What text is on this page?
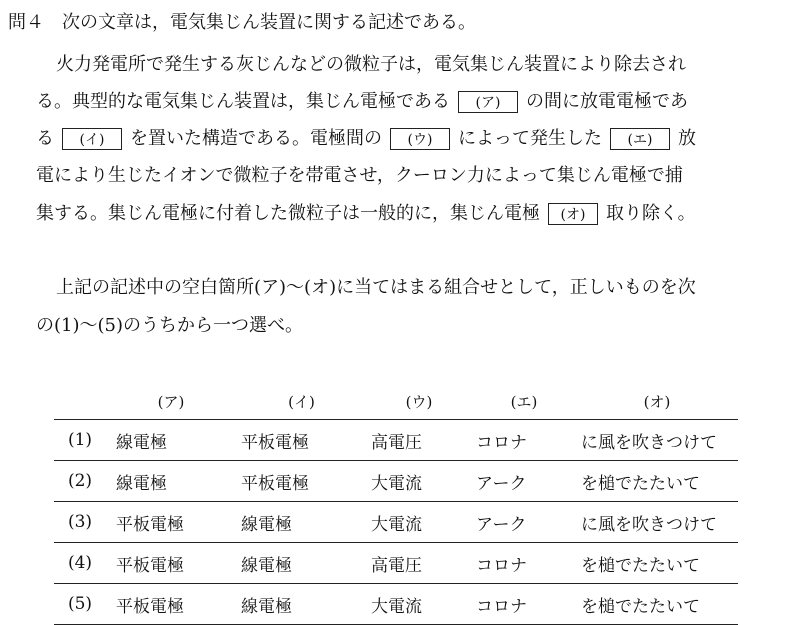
問４　次の文章は，電気集じん装置に関する記述である。
火力発電所で発生する灰じんなどの微粒子は，電気集じん装置により除去され
る。典型的な電気集じん装置は，集じん電極である (ア) の間に放電電極であ
る (イ) を置いた構造である。電極間の (ウ) によって発生した (エ) 放
電により生じたイオンで微粒子を帯電させ，クーロン力によって集じん電極で捕
集する。集じん電極に付着した微粒子は一般的に，集じん電極 (オ) 取り除く。
上記の記述中の空白箇所(ア)～(オ)に当てはまる組合せとして，正しいものを次
の(1)～(5)のうちから一つ選べ。
	(ア)	(イ)	(ウ)	(エ)	(オ)
(1)	線電極	平板電極	高電圧	コロナ	に風を吹きつけて
(2)	線電極	平板電極	大電流	アーク	を槌でたたいて
(3)	平板電極	線電極	大電流	アーク	に風を吹きつけて
(4)	平板電極	線電極	高電圧	コロナ	を槌でたたいて
(5)	平板電極	線電極	大電流	コロナ	を槌でたたいて
